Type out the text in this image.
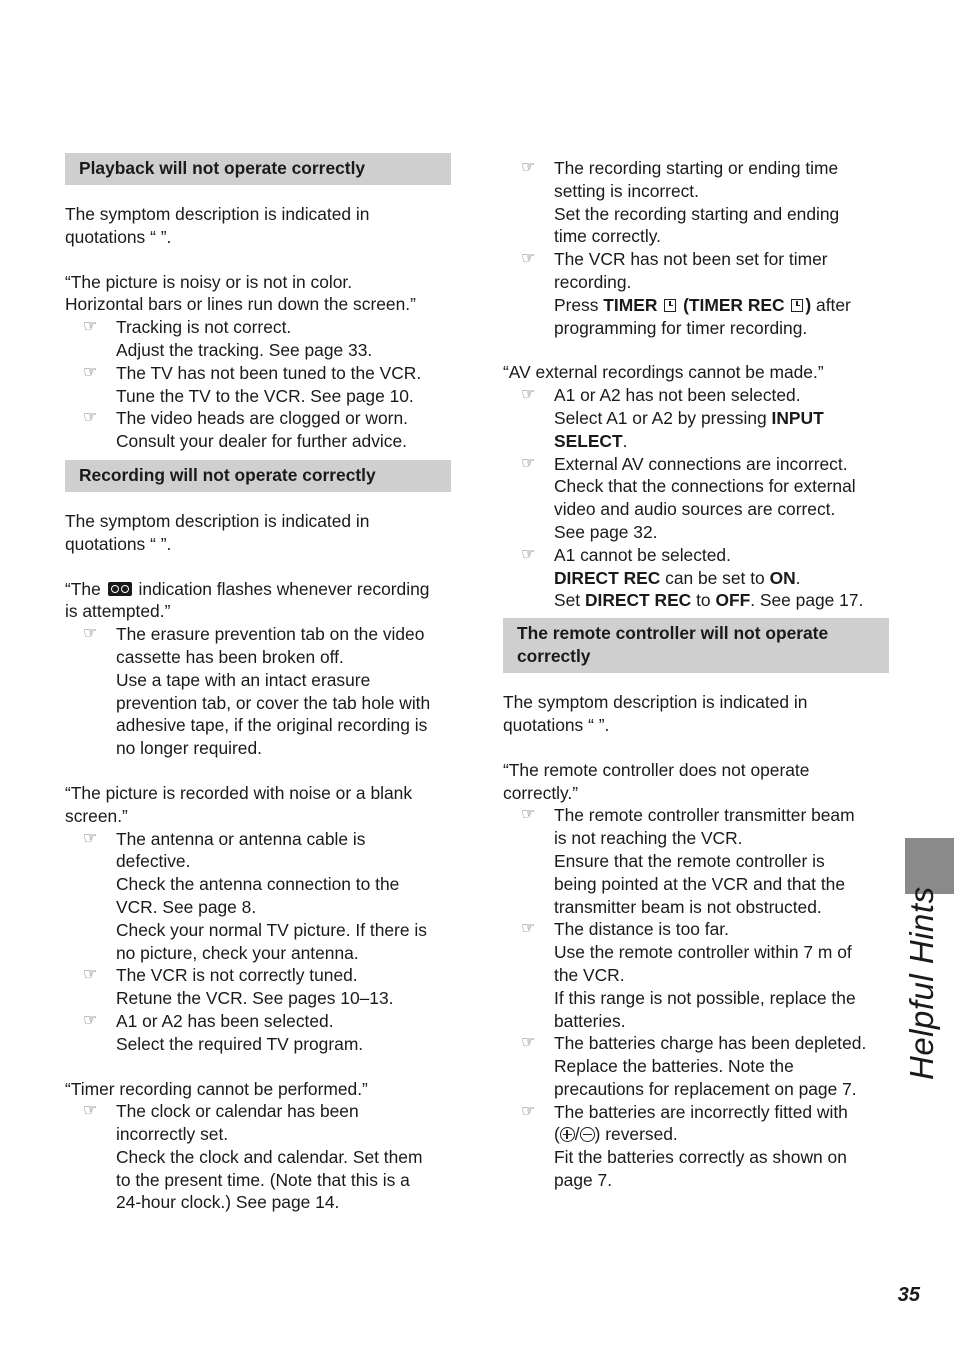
Playback will not operate correctly

The symptom description is indicated in

quotations “ ”.

“The picture is noisy or is not in color.

Horizontal bars or lines run down the screen.”

☞	Tracking is not correct.
Adjust the tracking. See page 33.
☞	The TV has not been tuned to the VCR.
Tune the TV to the VCR. See page 10.
☞	The video heads are clogged or worn.
Consult your dealer for further advice.
Recording will not operate correctly

The symptom description is indicated in

quotations “ ”.

“The indication flashes whenever recording

is attempted.”

☞	The erasure prevention tab on the video
cassette has been broken off.
Use a tape with an intact erasure
prevention tab, or cover the tab hole with
adhesive tape, if the original recording is
no longer required.

“The picture is recorded with noise or a blank

screen.”

☞	The antenna or antenna cable is
defective.
Check the antenna connection to the
VCR. See page 8.
Check your normal TV picture. If there is
no picture, check your antenna.
☞	The VCR is not correctly tuned.
Retune the VCR. See pages 10–13.
☞	A1 or A2 has been selected.
Select the required TV program.

“Timer recording cannot be performed.”

☞	The clock or calendar has been
incorrectly set.
Check the clock and calendar. Set them
to the present time. (Note that this is a
24-hour clock.) See page 14.
☞	The recording starting or ending time
setting is incorrect.
Set the recording starting and ending
time correctly.
☞	The VCR has not been set for timer
recording.
Press TIMER (TIMER REC ) after
programming for timer recording.

“AV external recordings cannot be made.”

☞	A1 or A2 has not been selected.
Select A1 or A2 by pressing INPUT
SELECT.
☞	External AV connections are incorrect.
Check that the connections for external
video and audio sources are correct.
See page 32.
☞	A1 cannot be selected.
DIRECT REC can be set to ON.
Set DIRECT REC to OFF. See page 17.
The remote controller will not operate
correctly

The symptom description is indicated in

quotations “ ”.

“The remote controller does not operate

correctly.”

☞	The remote controller transmitter beam
is not reaching the VCR.
Ensure that the remote controller is
being pointed at the VCR and that the
transmitter beam is not obstructed.
☞	The distance is too far.
Use the remote controller within 7 m of
the VCR.
If this range is not possible, replace the
batteries.
☞	The batteries charge has been depleted.
Replace the batteries. Note the
precautions for replacement on page 7.
☞	The batteries are incorrectly fitted with
( / ) reversed.
Fit the batteries correctly as shown on
page 7.
Helpful Hints
35
